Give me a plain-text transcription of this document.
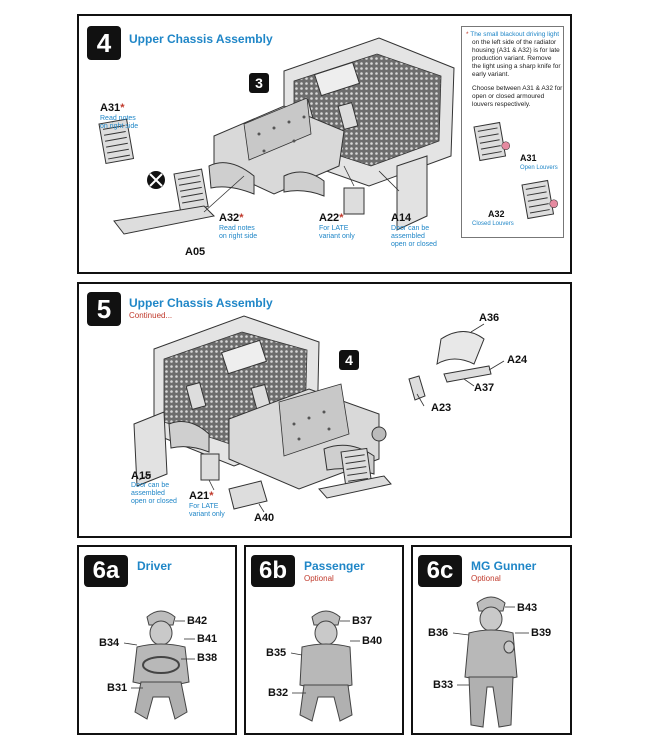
4	Upper Chassis Assembly
3
A31*
Read notes
on right side
A32*
Read notes
on right side
A05
A22*
For LATE
variant only
A14
Door can be
assembled
open or closed
* The small blackout driving light
on the left side of the radiator
housing (A31 & A32) is for late
production variant. Remove
the light using a sharp knife for
early variant.
Choose between A31 & A32 for
open or closed armoured
louvers respectively.
A31
Open Louvers
A32
Closed Louvers
5	Upper Chassis Assembly
Continued...
4
A36
A24
A37
A23
A15
Door can be
assembled
open or closed A21*
For LATE
variant only	A40
6a	Driver
B42
B34	B41
B38
B31
6b	Passenger
Optional
B37
B35
B40
B32
6c	MG Gunner
Optional
B43
B36	B39
B33
